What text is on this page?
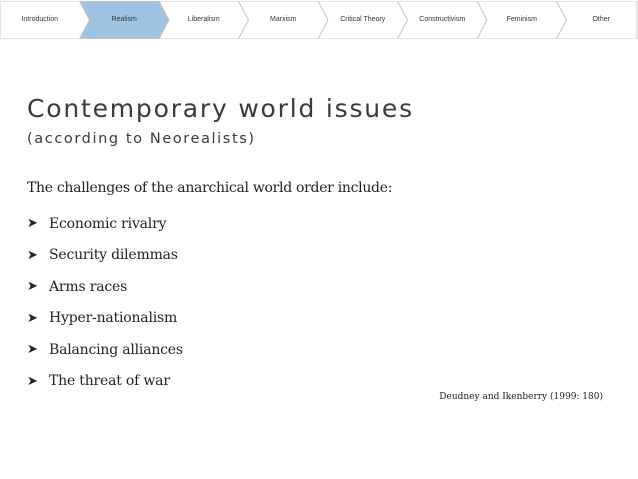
Introduction	Realism	Liberalism	Marxism	Critical Theory	Constructivism	Feminism	Other
Contemporary world issues
(according to Neorealists)
The challenges of the anarchical world order include:
➤ Economic rivalry
➤ Security dilemmas
➤ Arms races
➤ Hyper-nationalism
➤ Balancing alliances
➤ The threat of war
Deudney and Ikenberry (1999: 180)
